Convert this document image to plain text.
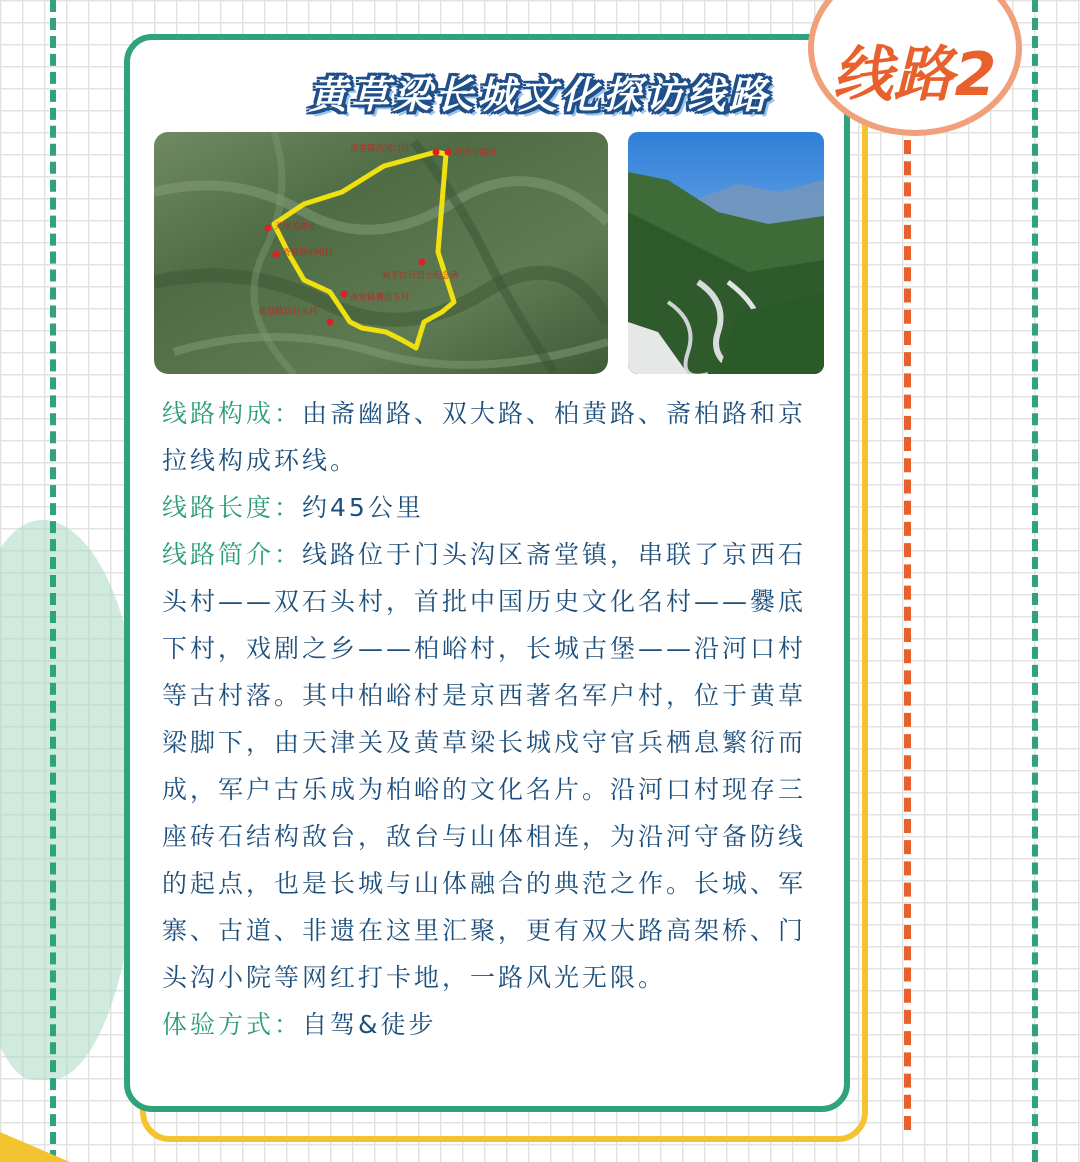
线路2
黄草梁长城文化探访线路
斋堂镇沿河口村	沿字号敌台
天津关遗址
斋堂镇柏峪村
宛平抗日烈士纪念碑
斋堂镇爨底下村
斋堂镇双石头村

线路构成：由斋幽路、双大路、柏黄路、斋柏路和京拉线构成环线。

线路长度：约45公里

线路简介：线路位于门头沟区斋堂镇，串联了京西石头村——双石头村，首批中国历史文化名村——爨底下村，戏剧之乡——柏峪村，长城古堡——沿河口村等古村落。其中柏峪村是京西著名军户村，位于黄草梁脚下，由天津关及黄草梁长城戍守官兵栖息繁衍而成，军户古乐成为柏峪的文化名片。沿河口村现存三座砖石结构敌台，敌台与山体相连，为沿河守备防线的起点，也是长城与山体融合的典范之作。长城、军寨、古道、非遗在这里汇聚，更有双大路高架桥、门头沟小院等网红打卡地，一路风光无限。

体验方式：自驾&徒步
